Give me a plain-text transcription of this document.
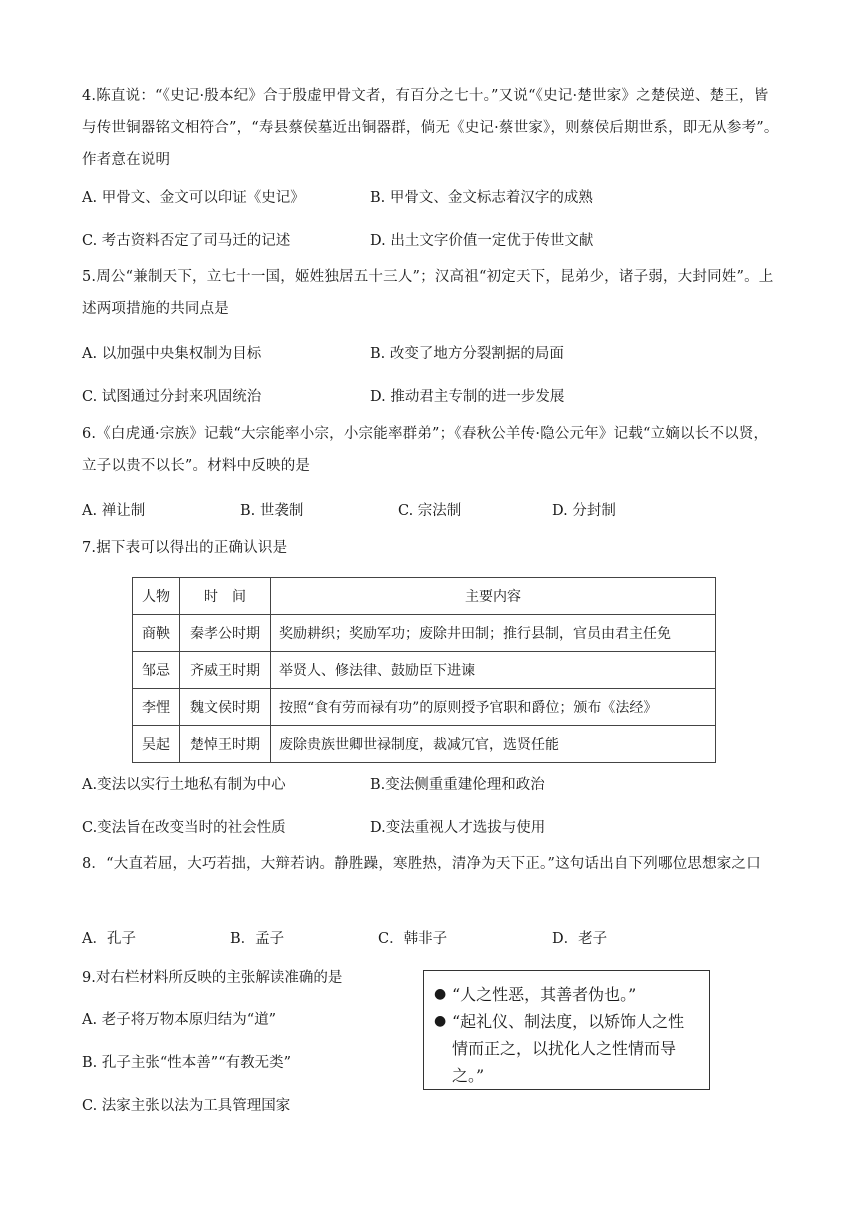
4.陈直说：“《史记·殷本纪》合于殷虚甲骨文者，有百分之七十。”又说“《史记·楚世家》之楚侯逆、楚王，皆与传世铜器铭文相符合”，“寿县蔡侯墓近出铜器群，倘无《史记·蔡世家》，则蔡侯后期世系，即无从参考”。作者意在说明
A. 甲骨文、金文可以印证《史记》	B. 甲骨文、金文标志着汉字的成熟
C. 考古资料否定了司马迁的记述	D. 出土文字价值一定优于传世文献
5.周公“兼制天下，立七十一国，姬姓独居五十三人”；汉高祖“初定天下，昆弟少，诸子弱，大封同姓”。上述两项措施的共同点是
A. 以加强中央集权制为目标	B. 改变了地方分裂割据的局面
C. 试图通过分封来巩固统治	D. 推动君主专制的进一步发展
6.《白虎通·宗族》记载“大宗能率小宗，小宗能率群弟”；《春秋公羊传·隐公元年》记载“立嫡以长不以贤，立子以贵不以长”。材料中反映的是
A. 禅让制	B. 世袭制	C. 宗法制	D. 分封制
7.据下表可以得出的正确认识是
人物	时　间	主要内容
商鞅	秦孝公时期	奖励耕织；奖励军功；废除井田制；推行县制，官员由君主任免
邹忌	齐威王时期	举贤人、修法律、鼓励臣下进谏
李悝	魏文侯时期	按照“食有劳而禄有功”的原则授予官职和爵位；颁布《法经》
吴起	楚悼王时期	废除贵族世卿世禄制度，裁减冗官，选贤任能
A.变法以实行土地私有制为中心	B.变法侧重重建伦理和政治
C.变法旨在改变当时的社会性质	D.变法重视人才选拔与使用
8．“大直若屈，大巧若拙，大辩若讷。静胜躁，寒胜热，清净为天下正。”这句话出自下列哪位思想家之口
A．孔子	B．孟子	C．韩非子	D．老子
9.对右栏材料所反映的主张解读准确的是
A. 老子将万物本原归结为“道”
B. 孔子主张“性本善”“有教无类”
C. 法家主张以法为工具管理国家
● “人之性恶，其善者伪也。”
● “起礼仪、制法度，以矫饰人之性情而正之，以扰化人之性情而导之。”
